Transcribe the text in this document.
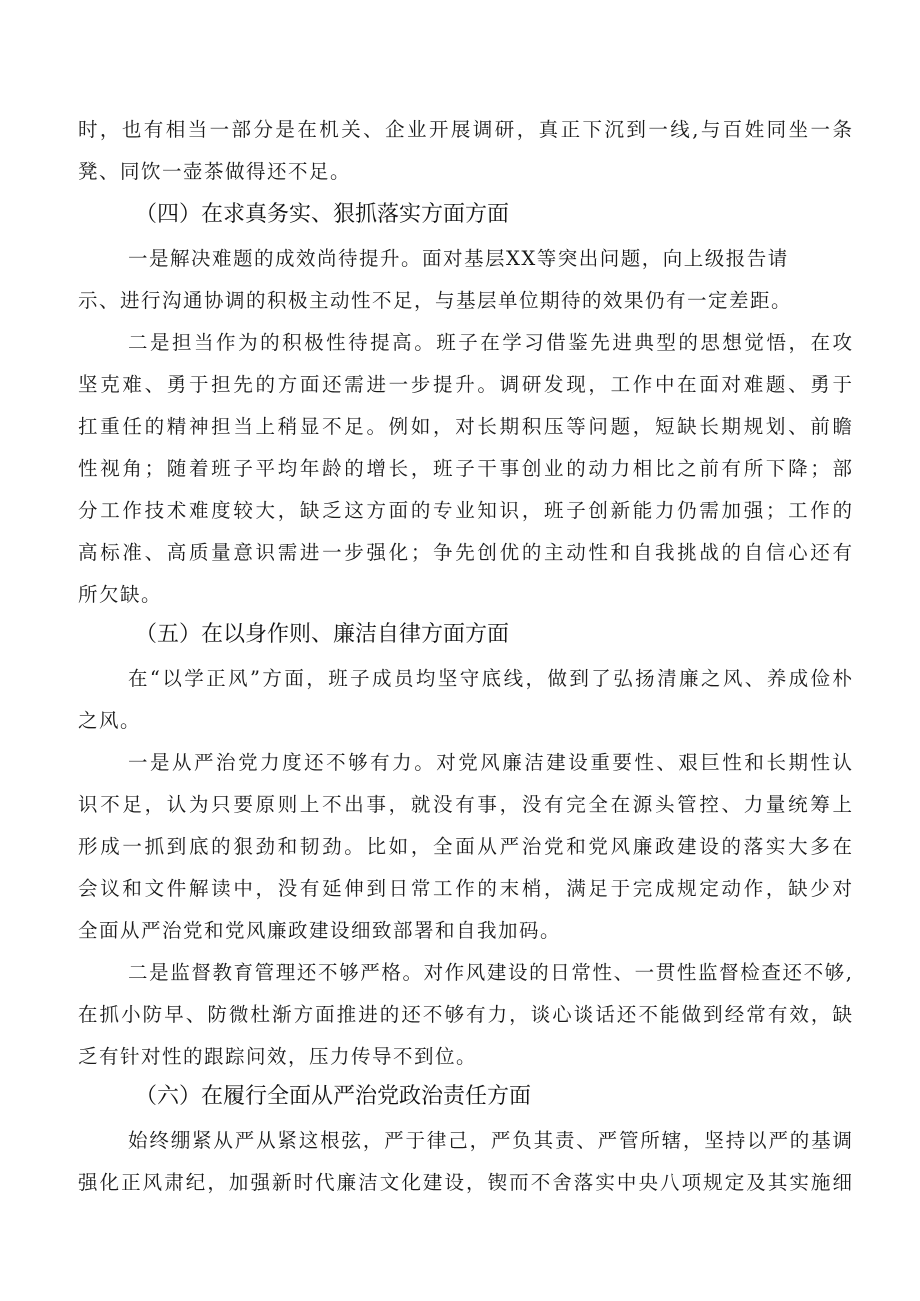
时，也有相当一部分是在机关、企业开展调研，真正下沉到一线,与百姓同坐一条
凳、同饮一壶茶做得还不足。
（四）在求真务实、狠抓落实方面方面
一是解决难题的成效尚待提升。面对基层XX等突出问题，向上级报告请
示、进行沟通协调的积极主动性不足，与基层单位期待的效果仍有一定差距。
二是担当作为的积极性待提高。班子在学习借鉴先进典型的思想觉悟，在攻
坚克难、勇于担先的方面还需进一步提升。调研发现，工作中在面对难题、勇于
扛重任的精神担当上稍显不足。例如，对长期积压等问题，短缺长期规划、前瞻
性视角；随着班子平均年龄的增长，班子干事创业的动力相比之前有所下降；部
分工作技术难度较大，缺乏这方面的专业知识，班子创新能力仍需加强；工作的
高标准、高质量意识需进一步强化；争先创优的主动性和自我挑战的自信心还有
所欠缺。
（五）在以身作则、廉洁自律方面方面
在“以学正风”方面，班子成员均坚守底线，做到了弘扬清廉之风、养成俭朴
之风。
一是从严治党力度还不够有力。对党风廉洁建设重要性、艰巨性和长期性认
识不足，认为只要原则上不出事，就没有事，没有完全在源头管控、力量统筹上
形成一抓到底的狠劲和韧劲。比如，全面从严治党和党风廉政建设的落实大多在
会议和文件解读中，没有延伸到日常工作的末梢，满足于完成规定动作，缺少对
全面从严治党和党风廉政建设细致部署和自我加码。
二是监督教育管理还不够严格。对作风建设的日常性、一贯性监督检查还不够,
在抓小防早、防微杜渐方面推进的还不够有力，谈心谈话还不能做到经常有效，缺
乏有针对性的跟踪问效，压力传导不到位。
（六）在履行全面从严治党政治责任方面
始终绷紧从严从紧这根弦，严于律己，严负其责、严管所辖，坚持以严的基调
强化正风肃纪，加强新时代廉洁文化建设，锲而不舍落实中央八项规定及其实施细
